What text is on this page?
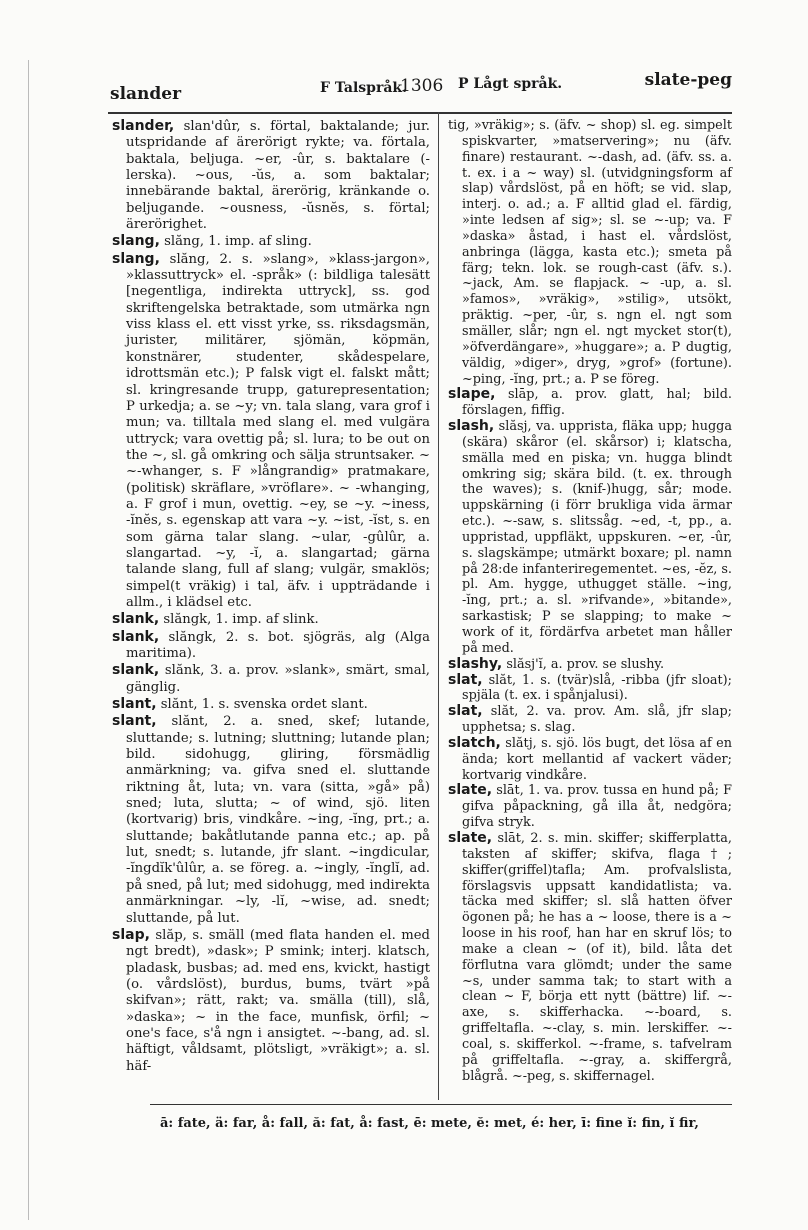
slander	F Talspråk.
1306 P Lågt språk.	slate-peg

slander, slan'dûr, s. förtal, baktalande; jur. utspridande af ärerörigt rykte; va. förtala, baktala, beljuga. ~er, -ûr, s. baktalare (-lerska). ~ous, -ŭs, a. som baktalar; innebärande baktal, ärerörig, kränkande o. beljugande. ~ousness, -ŭsnĕs, s. förtal; ärerörighet.

slang, slăng, 1. imp. af sling.

slang, slăng, 2. s. »slang», »klass-jargon», »klassuttryck» el. -språk» (: bildliga talesätt [negentliga, indirekta uttryck], ss. god skriftengelska betraktade, som utmärka ngn viss klass el. ett visst yrke, ss. riksdagsmän, jurister, militärer, sjömän, köpmän, konstnärer, studenter, skådespelare, idrottsmän etc.); P falsk vigt el. falskt mått; sl. kringresande trupp, gaturepresentation; P urkedja; a. se ~y; vn. tala slang, vara grof i mun; va. tilltala med slang el. med vulgära uttryck; vara ovettig på; sl. lura; to be out on the ~, sl. gå omkring och sälja struntsaker. ~ ~-whanger, s. F »långrandig» pratmakare, (politisk) skräflare, »vröflare». ~ -whanging, a. F grof i mun, ovettig. ~ey, se ~y. ~iness, -ĭnĕs, s. egenskap att vara ~y. ~ist, -ĭst, s. en som gärna talar slang. ~ular, -gûlûr, a. slangartad. ~y, -ĭ, a. slangartad; gärna talande slang, full af slang; vulgär, smaklös; simpel(t vräkig) i tal, äfv. i uppträdande i allm., i klädsel etc.

slank, slăngk, 1. imp. af slink.

slank, slăngk, 2. s. bot. sjögräs, alg (Alga maritima).

slank, slănk, 3. a. prov. »slank», smärt, smal, gänglig.

slant, slănt, 1. s. svenska ordet slant.

slant, slănt, 2. a. sned, skef; lutande, sluttande; s. lutning; sluttning; lutande plan; bild. sidohugg, gliring, försmädlig anmärkning; va. gifva sned el. sluttande riktning åt, luta; vn. vara (sitta, »gå» på) sned; luta, slutta; ~ of wind, sjö. liten (kortvarig) bris, vindkåre. ~ing, -ĭng, prt.; a. sluttande; bakåtlutande panna etc.; ap. på lut, snedt; s. lutande, jfr slant. ~ingdicular, -ĭngdĭk'ûlûr, a. se föreg. a. ~ingly, -ĭnglĭ, ad. på sned, på lut; med sidohugg, med indirekta anmärkningar. ~ly, -lĭ, ~wise, ad. snedt; sluttande, på lut.

slap, slăp, s. smäll (med flata handen el. med ngt bredt), »dask»; P smink; interj. klatsch, pladask, busbas; ad. med ens, kvickt, hastigt (o. vårdslöst), burdus, bums, tvärt »på skifvan»; rätt, rakt; va. smälla (till), slå, »daska»; ~ in the face, munfisk, örfil; ~ one's face, s'å ngn i ansigtet. ~-bang, ad. sl. häftigt, våldsamt, plötsligt, »vräkigt»; a. sl. häf-

tig, »vräkig»; s. (äfv. ~ shop) sl. eg. simpelt spiskvarter, »matservering»; nu (äfv. finare) restaurant. ~-dash, ad. (äfv. ss. a. t. ex. i a ~ way) sl. (utvidgningsform af slap) vårdslöst, på en höft; se vid. slap, interj. o. ad.; a. F alltid glad el. färdig, »inte ledsen af sig»; sl. se ~-up; va. F »daska» åstad, i hast el. vårdslöst, anbringa (lägga, kasta etc.); smeta på färg; tekn. lok. se rough-cast (äfv. s.). ~jack, Am. se flapjack. ~ -up, a. sl. »famos», »vräkig», »stilig», utsökt, präktig. ~per, -ûr, s. ngn el. ngt som smäller, slår; ngn el. ngt mycket stor(t), »öfverdängare», »huggare»; a. P dugtig, väldig, »diger», dryg, »grof» (fortune). ~ping, -ĭng, prt.; a. P se föreg.

slape, slāp, a. prov. glatt, hal; bild. förslagen, fiffig.

slash, slăsj, va. uppristа, fläka upp; hugga (skära) skåror (el. skårsor) i; klatscha, smälla med en piska; vn. hugga blindt omkring sig; skära bild. (t. ex. through the waves); s. (knif-)hugg, sår; mode. uppskärning (i förr brukliga vida ärmar etc.). ~-saw, s. slitssåg. ~ed, -t, pp., a. uppristad, uppfläkt, uppskuren. ~er, -ûr, s. slagskämpe; utmärkt boxare; pl. namn på 28:de infanteriregementet. ~es, -ĕz, s. pl. Am. hygge, uthugget ställe. ~ing, -ĭng, prt.; a. sl. »rifvande», »bitande», sarkastisk; P se slapping; to make ~ work of it, fördärfva arbetet man håller på med.

slashy, slăsj'ĭ, a. prov. se slushy.

slat, slăt, 1. s. (tvär)slå, -ribba (jfr sloat); spjäla (t. ex. i spånjalusi).

slat, slăt, 2. va. prov. Am. slå, jfr slap; upphetsa; s. slag.

slatch, slătj, s. sjö. lös bugt, det lösa af en ända; kort mellantid af vackert väder; kortvarig vindkåre.

slate, slāt, 1. va. prov. tussa en hund på; F gifva påpackning, gå illa åt, nedgöra; gifva stryk.

slate, slāt, 2. s. min. skiffer; skifferplatta, taksten af skiffer; skifva, flaga†; skiffer(griffel)tafla; Am. profvalslista, förslagsvis uppsatt kandidatlista; va. täcka med skiffer; sl. slå hatten öfver ögonen på; he has a ~ loose, there is a ~ loose in his roof, han har en skruf lös; to make a clean ~ (of it), bild. låta det förflutna vara glömdt; under the same ~s, under samma tak; to start with a clean ~ F, börja ett nytt (bättre) lif. ~-axe, s. skifferhacka. ~-board, s. griffeltafla. ~-clay, s. min. lerskiffer. ~-coal, s. skifferkol. ~-frame, s. tafvelram på griffeltafla. ~-gray, a. skiffergrå, blågrå. ~-peg, s. skiffernagel.

ā: fate, ä: far, å: fall, ă: fat, å: fast, ē: mete, ĕ: met, é: her, ī: fine ĭ: fin, ĭ fir,
